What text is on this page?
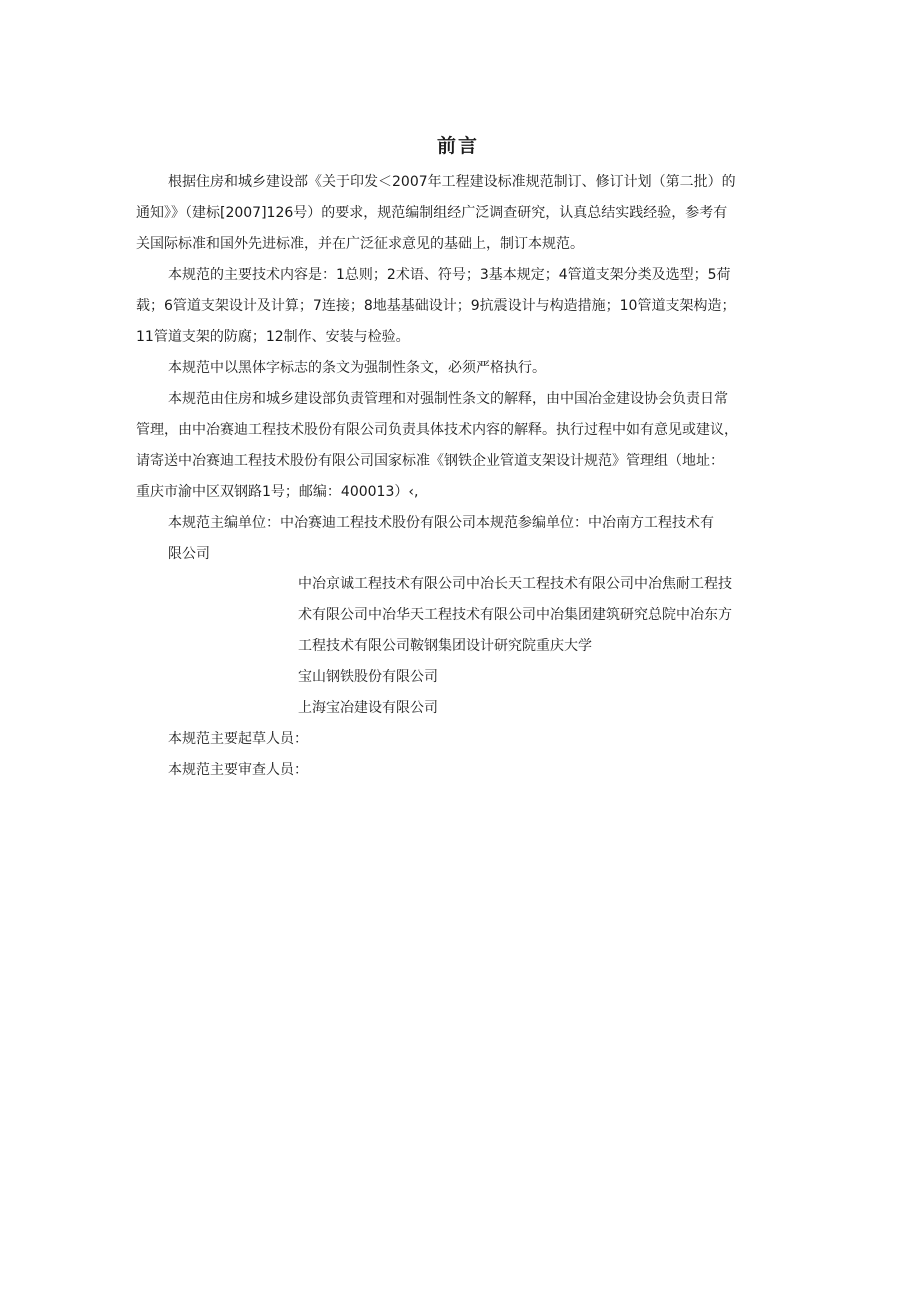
前言
根据住房和城乡建设部《关于印发＜2007年工程建设标准规范制订、修订计划（第二批）的
通知》》（建标[2007]126号）的要求，规范编制组经广泛调查研究，认真总结实践经验，参考有
关国际标准和国外先进标准，并在广泛征求意见的基础上，制订本规范。
本规范的主要技术内容是：1总则；2术语、符号；3基本规定；4管道支架分类及选型；5荷
载；6管道支架设计及计算；7连接；8地基基础设计；9抗震设计与构造措施；10管道支架构造；
11管道支架的防腐；12制作、安装与检验。
本规范中以黑体字标志的条文为强制性条文，必须严格执行。
本规范由住房和城乡建设部负责管理和对强制性条文的解释，由中国冶金建设协会负责日常
管理，由中冶赛迪工程技术股份有限公司负责具体技术内容的解释。执行过程中如有意见或建议，
请寄送中冶赛迪工程技术股份有限公司国家标准《钢铁企业管道支架设计规范》管理组（地址：
重庆市渝中区双钢路1号；邮编：400013）‹,
本规范主编单位：中冶赛迪工程技术股份有限公司本规范参编单位：中冶南方工程技术有
限公司
中冶京诚工程技术有限公司中冶长天工程技术有限公司中冶焦耐工程技
术有限公司中冶华天工程技术有限公司中冶集团建筑研究总院中冶东方
工程技术有限公司鞍钢集团设计研究院重庆大学
宝山钢铁股份有限公司
上海宝冶建设有限公司
本规范主要起草人员：
本规范主要审查人员：
